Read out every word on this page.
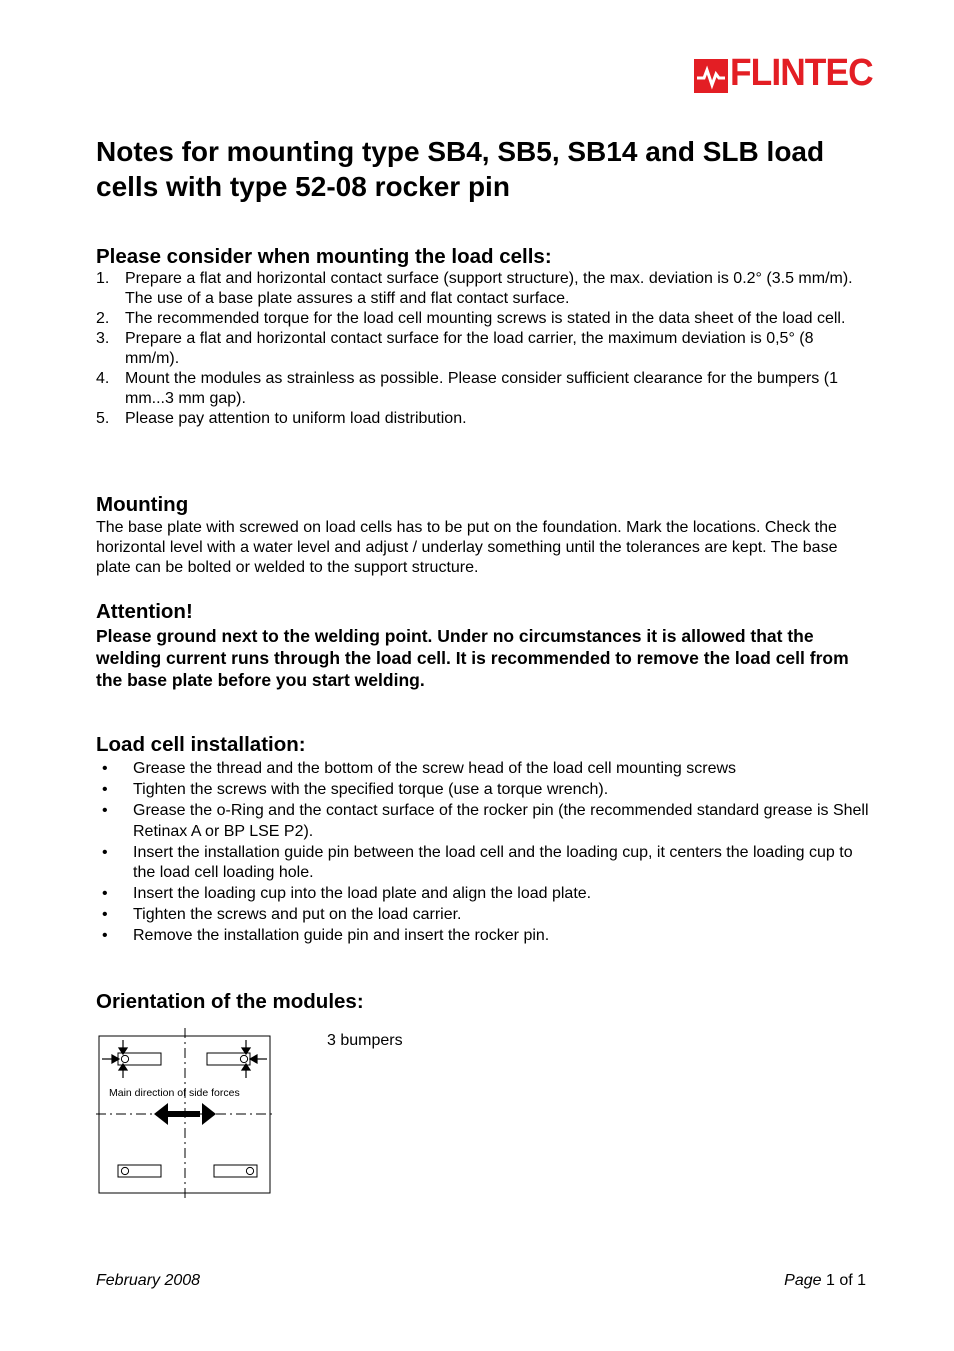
FLINTEC
Notes for mounting type SB4, SB5, SB14 and SLB load cells with type 52-08 rocker pin
Please consider when mounting the load cells:
1. Prepare a flat and horizontal contact surface (support structure), the max. deviation is 0.2° (3.5 mm/m). The use of a base plate assures a stiff and flat contact surface.
2. The recommended torque for the load cell mounting screws is stated in the data sheet of the load cell.
3. Prepare a flat and horizontal contact surface for the load carrier, the maximum deviation is 0,5° (8 mm/m).
4. Mount the modules as strainless as possible. Please consider sufficient clearance for the bumpers (1 mm...3 mm gap).
5. Please pay attention to uniform load distribution.
Mounting

The base plate with screwed on load cells has to be put on the foundation. Mark the locations. Check the horizontal level with a water level and adjust / underlay something until the tolerances are kept. The base plate can be bolted or welded to the support structure.

Attention!

Please ground next to the welding point. Under no circumstances it is allowed that the welding current runs through the load cell. It is recommended to remove the load cell from the base plate before you start welding.

Load cell installation:
• Grease the thread and the bottom of the screw head of the load cell mounting screws
• Tighten the screws with the specified torque (use a torque wrench).
• Grease the o-Ring and the contact surface of the rocker pin (the recommended standard grease is Shell Retinax A or BP LSE P2).
• Insert the installation guide pin between the load cell and the loading cup, it centers the loading cup to the load cell loading hole.
• Insert the loading cup into the load plate and align the load plate.
• Tighten the screws and put on the load carrier.
• Remove the installation guide pin and insert the rocker pin.
Orientation of the modules:
Main direction of side forces
3 bumpers
February 2008	Page 1 of 1
